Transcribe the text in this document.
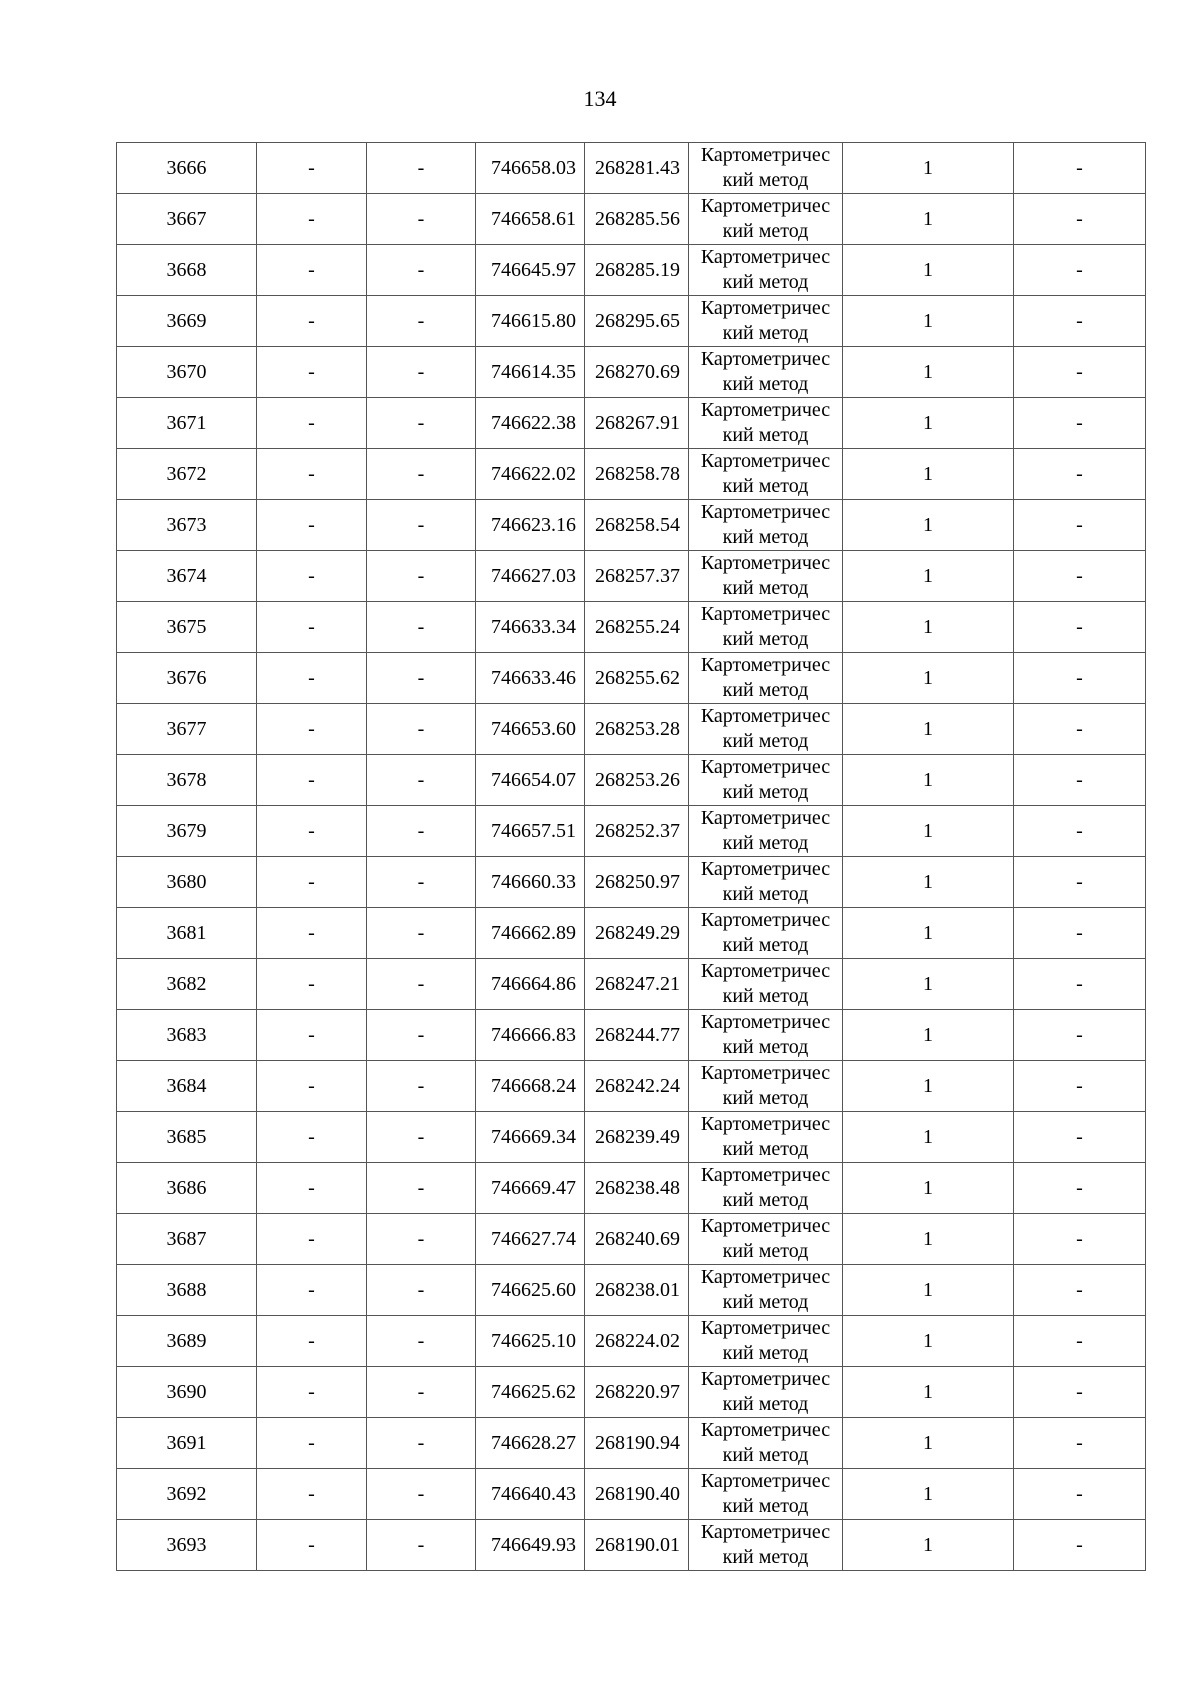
134
3666	-	-	746658.03	268281.43	Картометричес
кий метод	1	-
3667	-	-	746658.61	268285.56	Картометричес
кий метод	1	-
3668	-	-	746645.97	268285.19	Картометричес
кий метод	1	-
3669	-	-	746615.80	268295.65	Картометричес
кий метод	1	-
3670	-	-	746614.35	268270.69	Картометричес
кий метод	1	-
3671	-	-	746622.38	268267.91	Картометричес
кий метод	1	-
3672	-	-	746622.02	268258.78	Картометричес
кий метод	1	-
3673	-	-	746623.16	268258.54	Картометричес
кий метод	1	-
3674	-	-	746627.03	268257.37	Картометричес
кий метод	1	-
3675	-	-	746633.34	268255.24	Картометричес
кий метод	1	-
3676	-	-	746633.46	268255.62	Картометричес
кий метод	1	-
3677	-	-	746653.60	268253.28	Картометричес
кий метод	1	-
3678	-	-	746654.07	268253.26	Картометричес
кий метод	1	-
3679	-	-	746657.51	268252.37	Картометричес
кий метод	1	-
3680	-	-	746660.33	268250.97	Картометричес
кий метод	1	-
3681	-	-	746662.89	268249.29	Картометричес
кий метод	1	-
3682	-	-	746664.86	268247.21	Картометричес
кий метод	1	-
3683	-	-	746666.83	268244.77	Картометричес
кий метод	1	-
3684	-	-	746668.24	268242.24	Картометричес
кий метод	1	-
3685	-	-	746669.34	268239.49	Картометричес
кий метод	1	-
3686	-	-	746669.47	268238.48	Картометричес
кий метод	1	-
3687	-	-	746627.74	268240.69	Картометричес
кий метод	1	-
3688	-	-	746625.60	268238.01	Картометричес
кий метод	1	-
3689	-	-	746625.10	268224.02	Картометричес
кий метод	1	-
3690	-	-	746625.62	268220.97	Картометричес
кий метод	1	-
3691	-	-	746628.27	268190.94	Картометричес
кий метод	1	-
3692	-	-	746640.43	268190.40	Картометричес
кий метод	1	-
3693	-	-	746649.93	268190.01	Картометричес
кий метод	1	-
